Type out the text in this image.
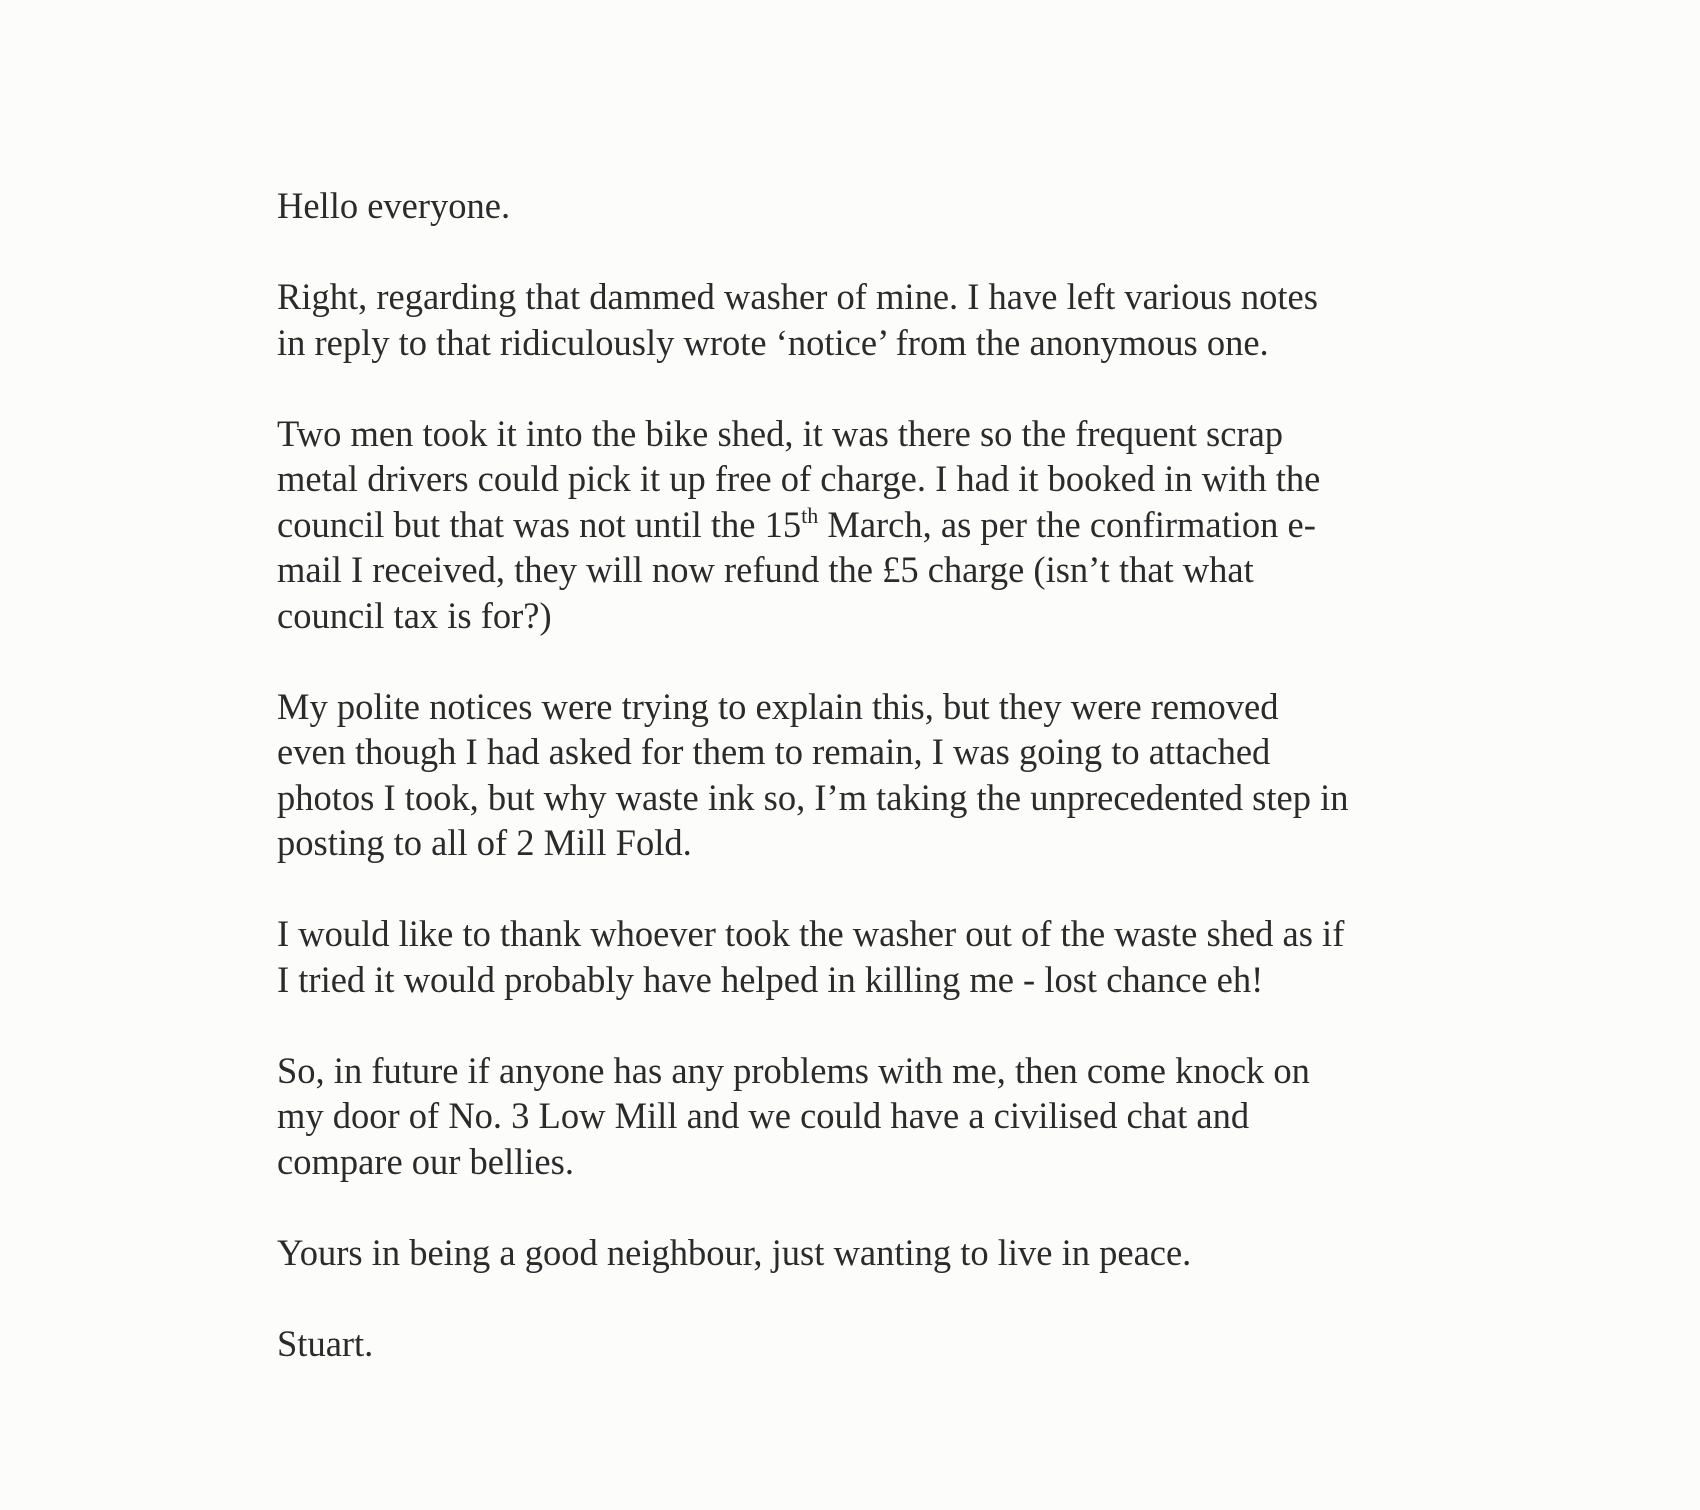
Hello everyone.

Right, regarding that dammed washer of mine. I have left various notes
in reply to that ridiculously wrote ‘notice’ from the anonymous one.

Two men took it into the bike shed, it was there so the frequent scrap
metal drivers could pick it up free of charge. I had it booked in with the
council but that was not until the 15th March, as per the confirmation e-
mail I received, they will now refund the £5 charge (isn’t that what
council tax is for?)

My polite notices were trying to explain this, but they were removed
even though I had asked for them to remain, I was going to attached
photos I took, but why waste ink so, I’m taking the unprecedented step in
posting to all of 2 Mill Fold.

I would like to thank whoever took the washer out of the waste shed as if
I tried it would probably have helped in killing me - lost chance eh!

So, in future if anyone has any problems with me, then come knock on
my door of No. 3 Low Mill and we could have a civilised chat and
compare our bellies.

Yours in being a good neighbour, just wanting to live in peace.

Stuart.
